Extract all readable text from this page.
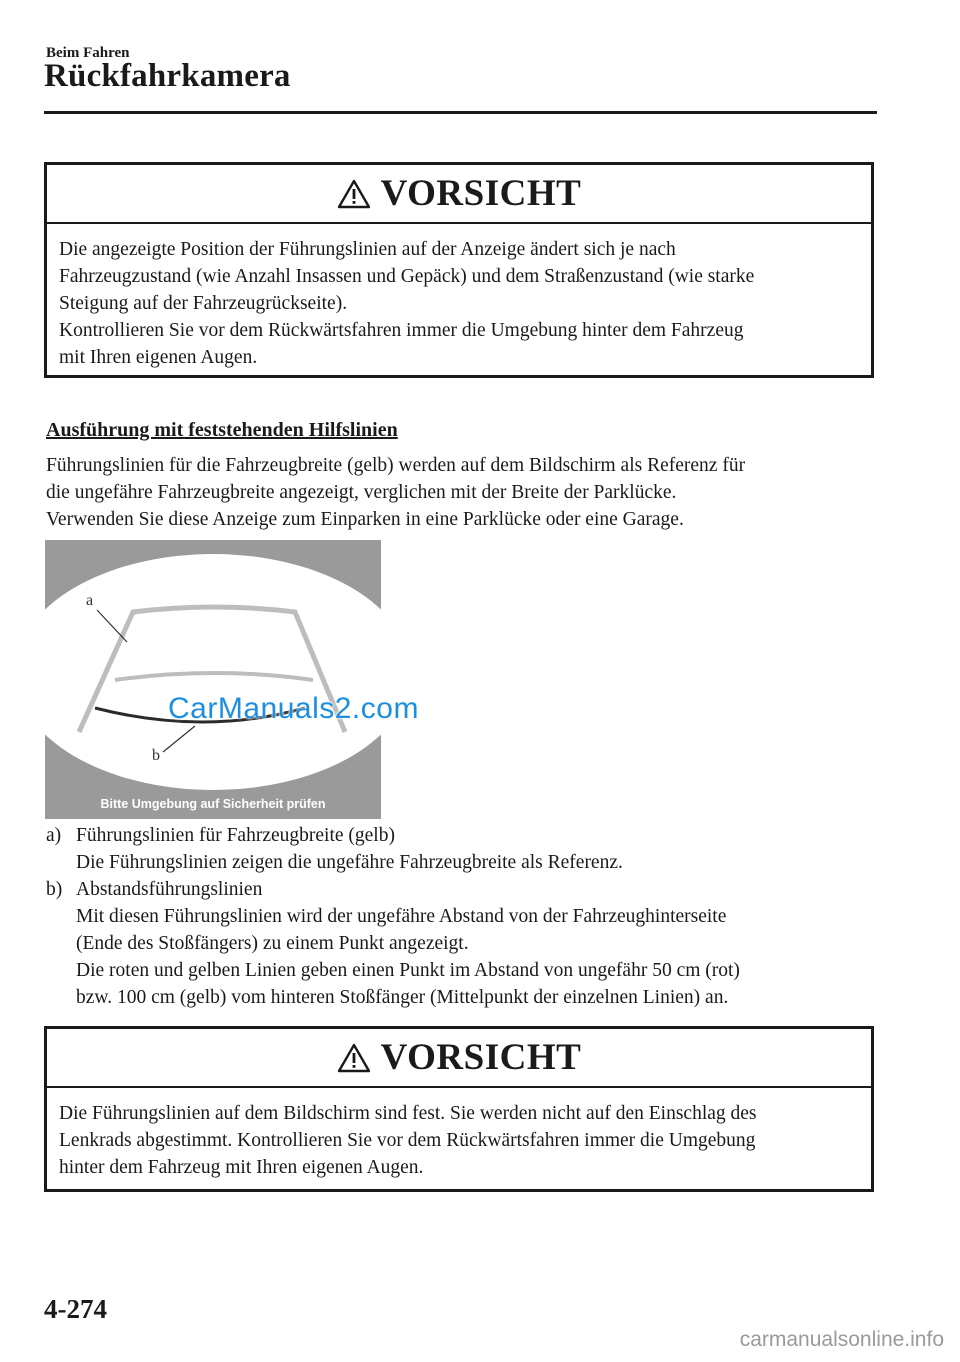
Beim Fahren
Rückfahrkamera
VORSICHT

Die angezeigte Position der Führungslinien auf der Anzeige ändert sich je nach

Fahrzeugzustand (wie Anzahl Insassen und Gepäck) und dem Straßenzustand (wie starke

Steigung auf der Fahrzeugrückseite).

Kontrollieren Sie vor dem Rückwärtsfahren immer die Umgebung hinter dem Fahrzeug

mit Ihren eigenen Augen.

Ausführung mit feststehenden Hilfslinien

Führungslinien für die Fahrzeugbreite (gelb) werden auf dem Bildschirm als Referenz für

die ungefähre Fahrzeugbreite angezeigt, verglichen mit der Breite der Parklücke.

Verwenden Sie diese Anzeige zum Einparken in eine Parklücke oder eine Garage.

a
b
Bitte Umgebung auf Sicherheit prüfen
CarManuals2.com
a) Führungslinien für Fahrzeugbreite (gelb)
Die Führungslinien zeigen die ungefähre Fahrzeugbreite als Referenz.
b) Abstandsführungslinien
Mit diesen Führungslinien wird der ungefähre Abstand von der Fahrzeughinterseite
(Ende des Stoßfängers) zu einem Punkt angezeigt.
Die roten und gelben Linien geben einen Punkt im Abstand von ungefähr 50 cm (rot)
bzw. 100 cm (gelb) vom hinteren Stoßfänger (Mittelpunkt der einzelnen Linien) an.
VORSICHT

Die Führungslinien auf dem Bildschirm sind fest. Sie werden nicht auf den Einschlag des

Lenkrads abgestimmt. Kontrollieren Sie vor dem Rückwärtsfahren immer die Umgebung

hinter dem Fahrzeug mit Ihren eigenen Augen.

4-274
carmanualsonline.info
